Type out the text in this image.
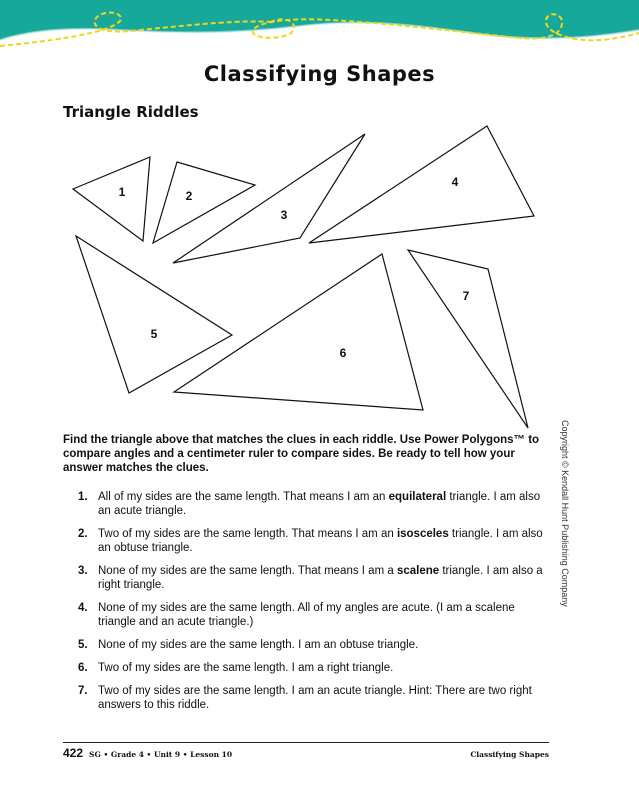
Classifying Shapes
Triangle Riddles
1	2
3
4
5
6
7
Find the triangle above that matches the clues in each riddle. Use Power Polygons™ to compare angles and a centimeter ruler to compare sides. Be ready to tell how your answer matches the clues.
1. All of my sides are the same length. That means I am an equilateral triangle. I am also an acute triangle.
2. Two of my sides are the same length. That means I am an isosceles triangle. I am also an obtuse triangle.
3. None of my sides are the same length. That means I am a scalene triangle. I am also a right triangle.
4. None of my sides are the same length. All of my angles are acute. (I am a scalene triangle and an acute triangle.)
5. None of my sides are the same length. I am an obtuse triangle.
6. Two of my sides are the same length. I am a right triangle.
7. Two of my sides are the same length. I am an acute triangle. Hint: There are two right answers to this riddle.
Copyright © Kendall Hunt Publishing Company
422 SG • Grade 4 • Unit 9 • Lesson 10	Classifying Shapes
